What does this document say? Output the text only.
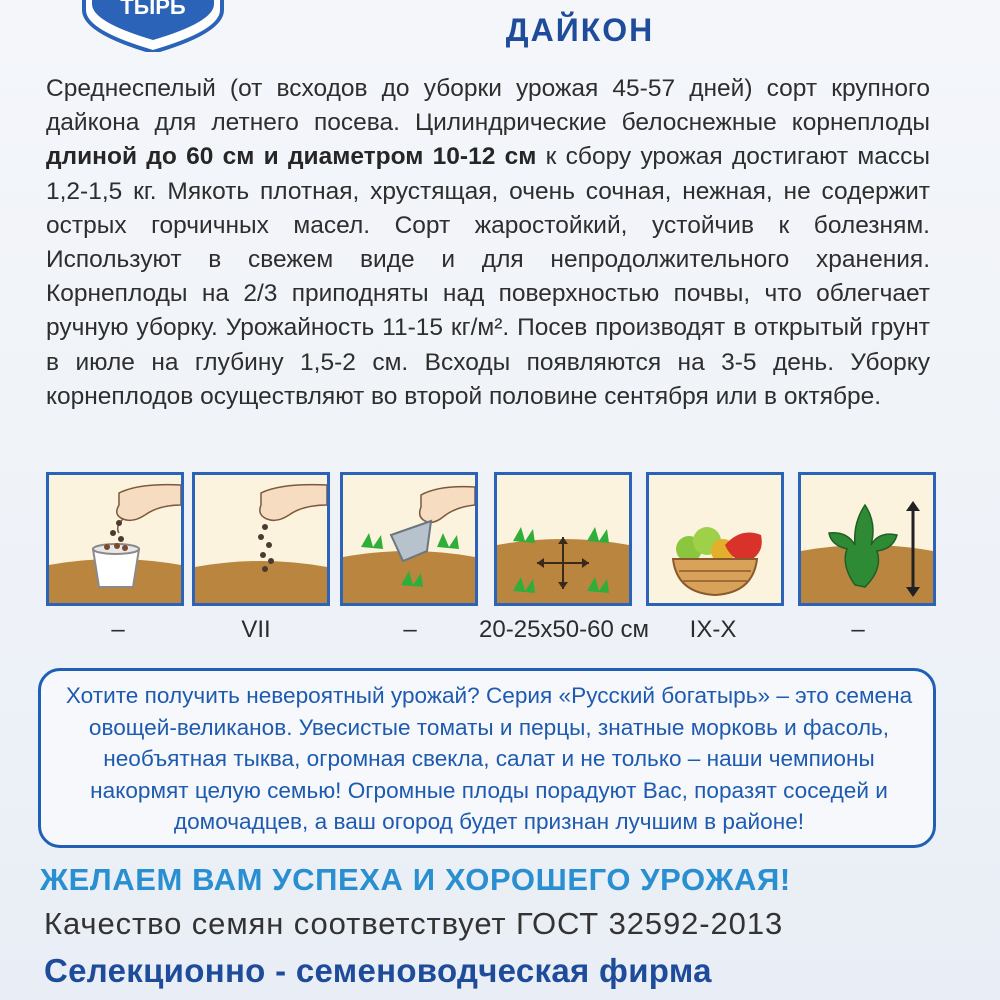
ТЫРЬ
ДАЙКОН
Среднеспелый (от всходов до уборки урожая 45-57 дней) сорт крупного дайкона для летнего посева. Цилиндрические белоснежные корнеплоды длиной до 60 см и диаметром 10-12 см к сбору урожая достигают массы 1,2-1,5 кг. Мякоть плотная, хрустящая, очень сочная, нежная, не содержит острых горчичных масел. Сорт жаростойкий, устойчив к болезням. Используют в свежем виде и для непродолжительного хранения. Корнеплоды на 2/3 приподняты над поверхностью почвы, что облегчает ручную уборку. Урожайность 11-15 кг/м². Посев производят в открытый грунт в июле на глубину 1,5-2 см. Всходы появляются на 3-5 день. Уборку корнеплодов осуществляют во второй половине сентября или в октябре.
–	VII	–	20-25x50-60 см	IX-X	–
Хотите получить невероятный урожай? Серия «Русский богатырь» – это семена овощей-великанов. Увесистые томаты и перцы, знатные морковь и фасоль, необъятная тыква, огромная свекла, салат и не только – наши чемпионы накормят целую семью! Огромные плоды порадуют Вас, поразят соседей и домочадцев, а ваш огород будет признан лучшим в районе!
ЖЕЛАЕМ ВАМ УСПЕХА И ХОРОШЕГО УРОЖАЯ!
Качество семян соответствует ГОСТ 32592-2013
Селекционно - семеноводческая фирма
